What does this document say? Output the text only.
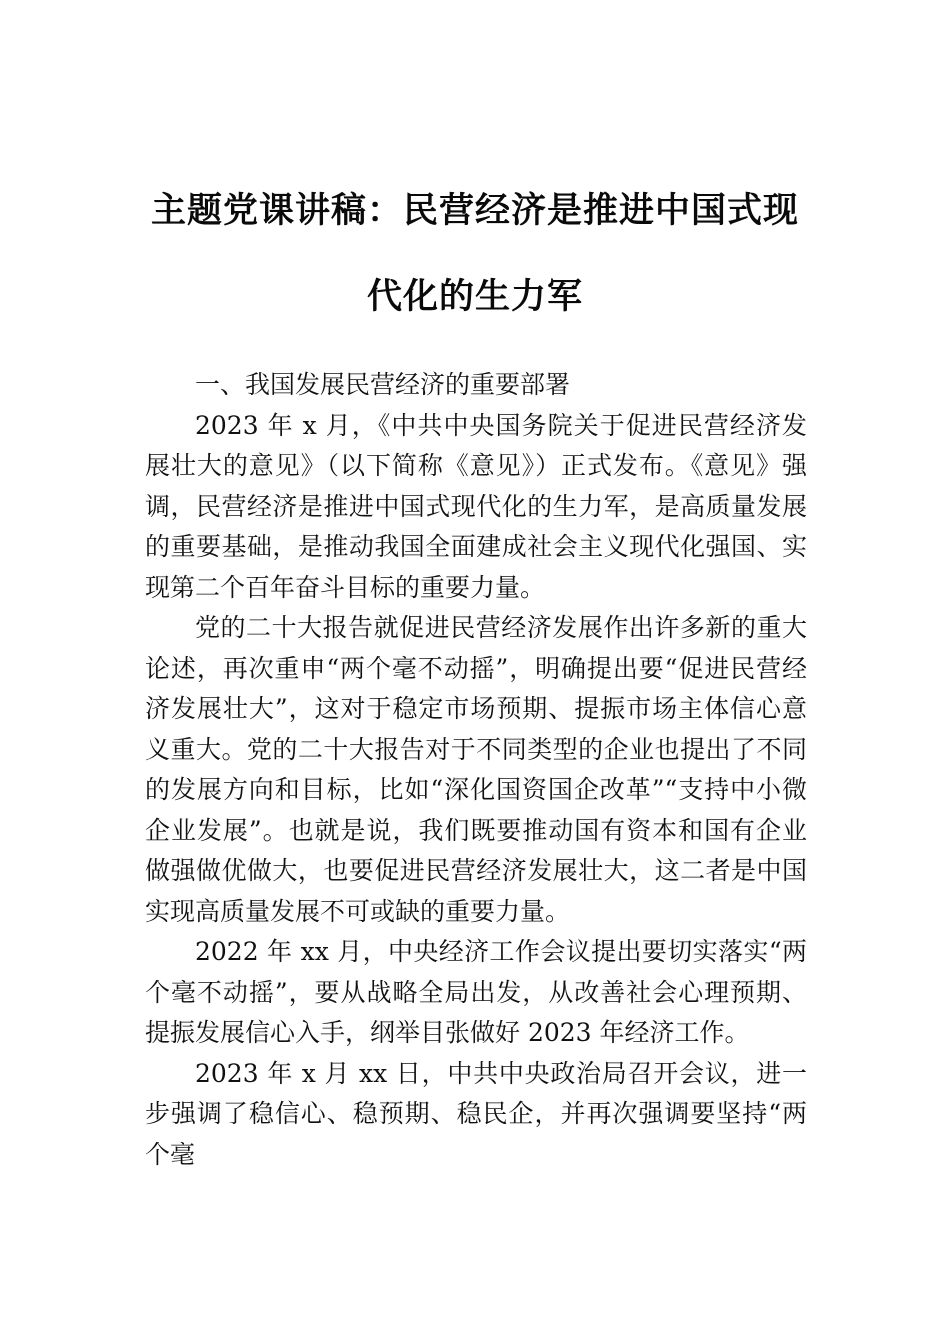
主题党课讲稿：民营经济是推进中国式现
代化的生力军

一、我国发展民营经济的重要部署

2023 年 x 月，《中共中央国务院关于促进民营经济发展壮大的意见》（以下简称《意见》）正式发布。《意见》强调，民营经济是推进中国式现代化的生力军，是高质量发展的重要基础，是推动我国全面建成社会主义现代化强国、实现第二个百年奋斗目标的重要力量。

党的二十大报告就促进民营经济发展作出许多新的重大论述，再次重申“两个毫不动摇”，明确提出要“促进民营经济发展壮大”，这对于稳定市场预期、提振市场主体信心意义重大。党的二十大报告对于不同类型的企业也提出了不同的发展方向和目标，比如“深化国资国企改革”“支持中小微企业发展”。也就是说，我们既要推动国有资本和国有企业做强做优做大，也要促进民营经济发展壮大，这二者是中国实现高质量发展不可或缺的重要力量。

2022 年 xx 月，中央经济工作会议提出要切实落实“两个毫不动摇”，要从战略全局出发，从改善社会心理预期、提振发展信心入手，纲举目张做好 2023 年经济工作。

2023 年 x 月 xx 日，中共中央政治局召开会议，进一步强调了稳信心、稳预期、稳民企，并再次强调要坚持“两个毫
